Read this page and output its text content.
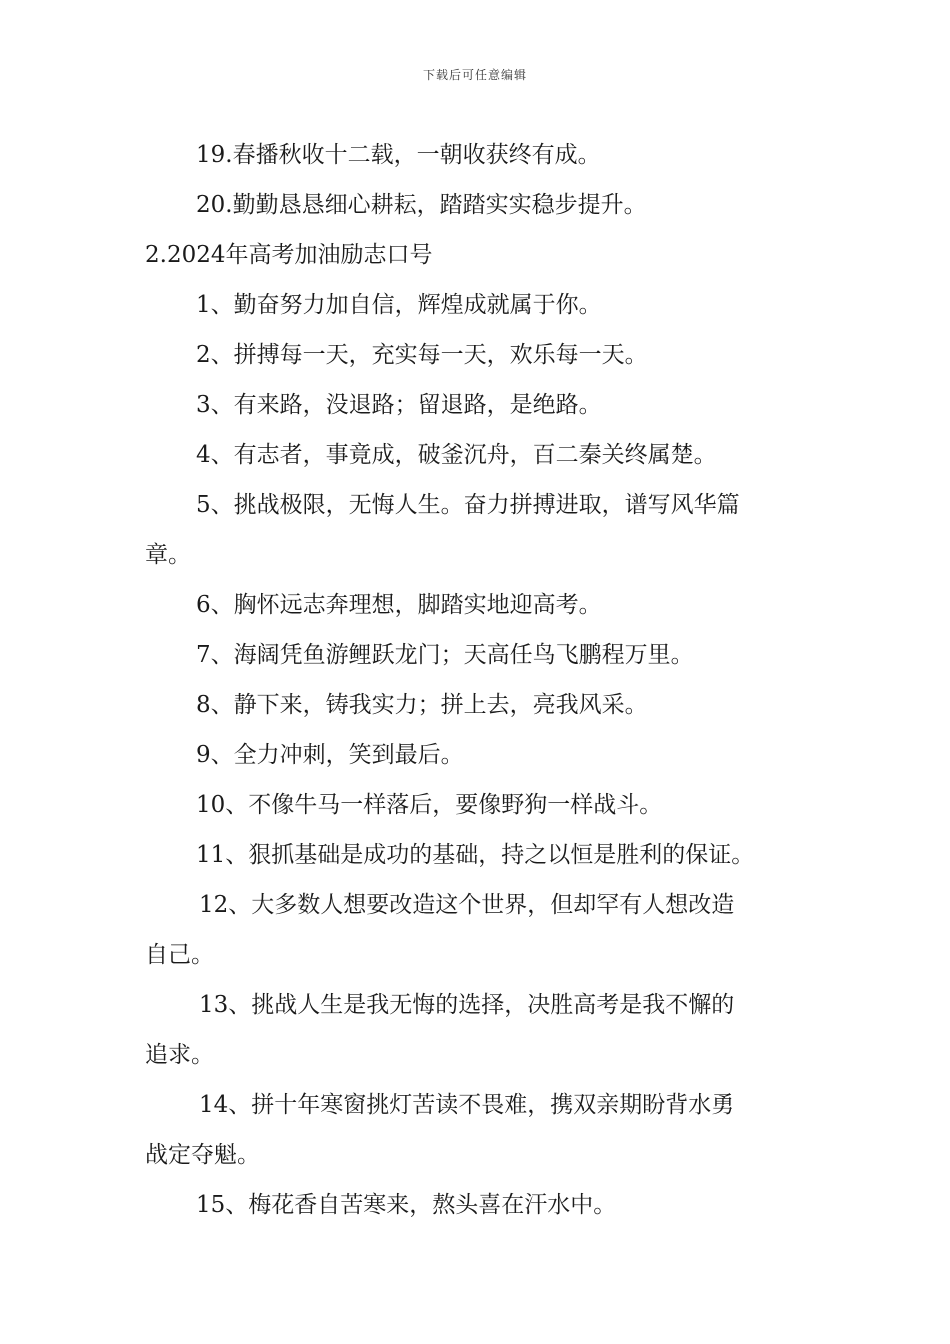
下载后可任意编辑

19.春播秋收十二载，一朝收获终有成。

20.勤勤恳恳细心耕耘，踏踏实实稳步提升。

2.2024年高考加油励志口号

1、勤奋努力加自信，辉煌成就属于你。

2、拼搏每一天，充实每一天，欢乐每一天。

3、有来路，没退路；留退路，是绝路。

4、有志者，事竟成，破釜沉舟，百二秦关终属楚。

5、挑战极限，无悔人生。奋力拼搏进取，谱写风华篇

章。

6、胸怀远志奔理想，脚踏实地迎高考。

7、海阔凭鱼游鲤跃龙门；天高任鸟飞鹏程万里。

8、静下来，铸我实力；拼上去，亮我风采。

9、全力冲刺，笑到最后。

10、不像牛马一样落后，要像野狗一样战斗。

11、狠抓基础是成功的基础，持之以恒是胜利的保证。

12、大多数人想要改造这个世界，但却罕有人想改造

自己。

13、挑战人生是我无悔的选择，决胜高考是我不懈的

追求。

14、拼十年寒窗挑灯苦读不畏难，携双亲期盼背水勇

战定夺魁。

15、梅花香自苦寒来，熬头喜在汗水中。
